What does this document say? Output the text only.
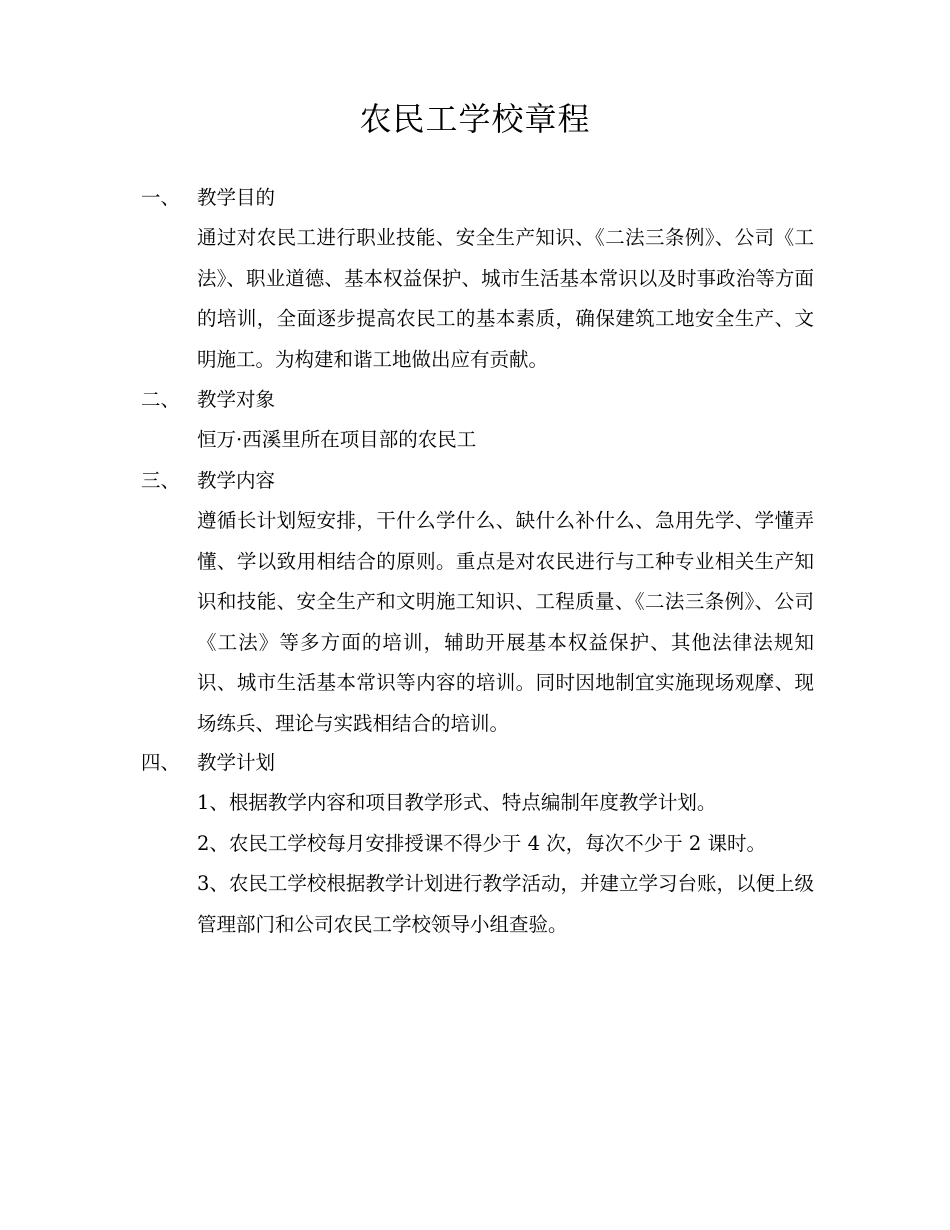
农民工学校章程
一、 教学目的

通过对农民工进行职业技能、安全生产知识、《二法三条例》、公司《工法》、职业道德、基本权益保护、城市生活基本常识以及时事政治等方面的培训，全面逐步提高农民工的基本素质，确保建筑工地安全生产、文明施工。为构建和谐工地做出应有贡献。

二、 教学对象

恒万·西溪里所在项目部的农民工

三、 教学内容

遵循长计划短安排，干什么学什么、缺什么补什么、急用先学、学懂弄懂、学以致用相结合的原则。重点是对农民进行与工种专业相关生产知识和技能、安全生产和文明施工知识、工程质量、《二法三条例》、公司《工法》等多方面的培训，辅助开展基本权益保护、其他法律法规知识、城市生活基本常识等内容的培训。同时因地制宜实施现场观摩、现场练兵、理论与实践相结合的培训。

四、 教学计划

1、根据教学内容和项目教学形式、特点编制年度教学计划。

2、农民工学校每月安排授课不得少于 4 次，每次不少于 2 课时。

3、农民工学校根据教学计划进行教学活动，并建立学习台账，以便上级管理部门和公司农民工学校领导小组查验。
